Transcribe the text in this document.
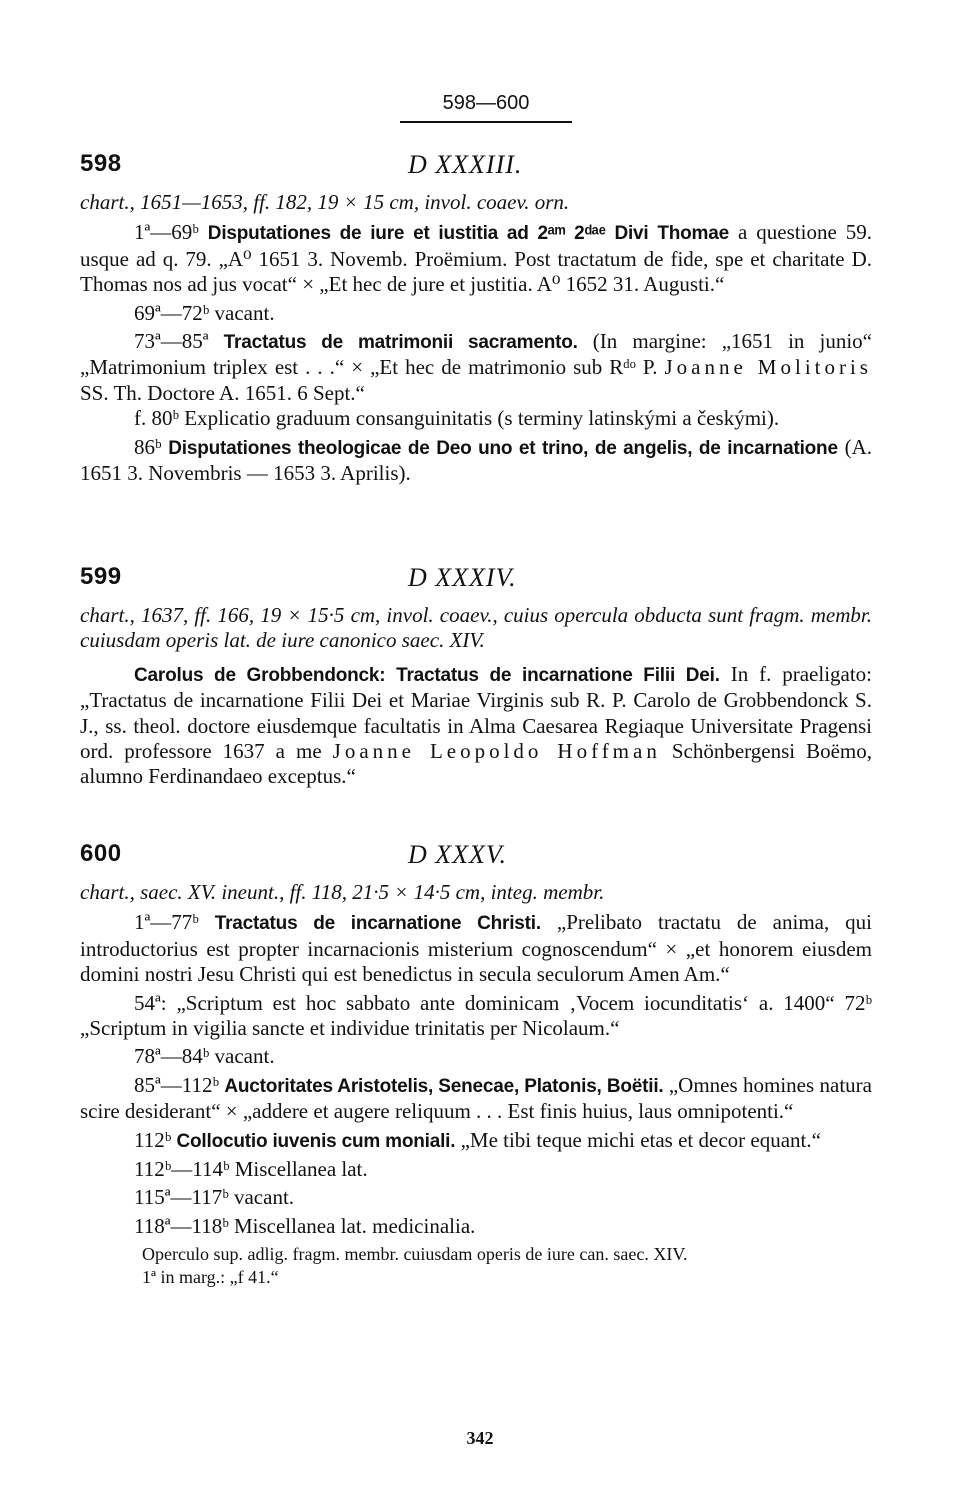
598—600
598	D XXXIII.

chart., 1651—1653, ff. 182, 19 × 15 cm, invol. coaev. orn.

1ª—69ᵇ Disputationes de iure et iustitia ad 2ᵃᵐ 2ᵈᵃᵉ Divi Thomae a questione 59. usque ad q. 79. „A⁰ 1651 3. Novemb. Proëmium. Post tractatum de fide, spe et charitate D. Thomas nos ad jus vocat“ × „Et hec de jure et justitia. A⁰ 1652 31. Augusti.“

69ª—72ᵇ vacant.

73ª—85ª Tractatus de matrimonii sacramento. (In margine: „1651 in junio“ „Matrimonium triplex est . . .“ × „Et hec de matrimonio sub Rᵈᵒ P. Joanne Molitoris SS. Th. Doctore A. 1651. 6 Sept.“

f. 80ᵇ Explicatio graduum consanguinitatis (s terminy latinskými a českými).

86ᵇ Disputationes theologicae de Deo uno et trino, de angelis, de incarnatione (A. 1651 3. Novembris — 1653 3. Aprilis).

599	D XXXIV.

chart., 1637, ff. 166, 19 × 15·5 cm, invol. coaev., cuius opercula obducta sunt fragm. membr. cuiusdam operis lat. de iure canonico saec. XIV.

Carolus de Grobbendonck: Tractatus de incarnatione Filii Dei. In f. praeligato: „Tractatus de incarnatione Filii Dei et Mariae Virginis sub R. P. Carolo de Grobbendonck S. J., ss. theol. doctore eiusdemque facultatis in Alma Caesarea Regiaque Universitate Pragensi ord. professore 1637 a me Joanne Leopoldo Hoffman Schönbergensi Boëmo, alumno Ferdinandaeo exceptus.“

600	D XXXV.

chart., saec. XV. ineunt., ff. 118, 21·5 × 14·5 cm, integ. membr.

1ª—77ᵇ Tractatus de incarnatione Christi. „Prelibato tractatu de anima, qui introductorius est propter incarnacionis misterium cognoscendum“ × „et honorem eiusdem domini nostri Jesu Christi qui est benedictus in secula seculorum Amen Am.“

54ª: „Scriptum est hoc sabbato ante dominicam ‚Vocem iocunditatis‘ a. 1400“ 72ᵇ „Scriptum in vigilia sancte et individue trinitatis per Nicolaum.“

78ª—84ᵇ vacant.

85ª—112ᵇ Auctoritates Aristotelis, Senecae, Platonis, Boëtii. „Omnes homines natura scire desiderant“ × „addere et augere reliquum . . . Est finis huius, laus omnipotenti.“

112ᵇ Collocutio iuvenis cum moniali. „Me tibi teque michi etas et decor equant.“

112ᵇ—114ᵇ Miscellanea lat.

115ª—117ᵇ vacant.

118ª—118ᵇ Miscellanea lat. medicinalia.

Operculo sup. adlig. fragm. membr. cuiusdam operis de iure can. saec. XIV.

1ª in marg.: „f 41.“

342
